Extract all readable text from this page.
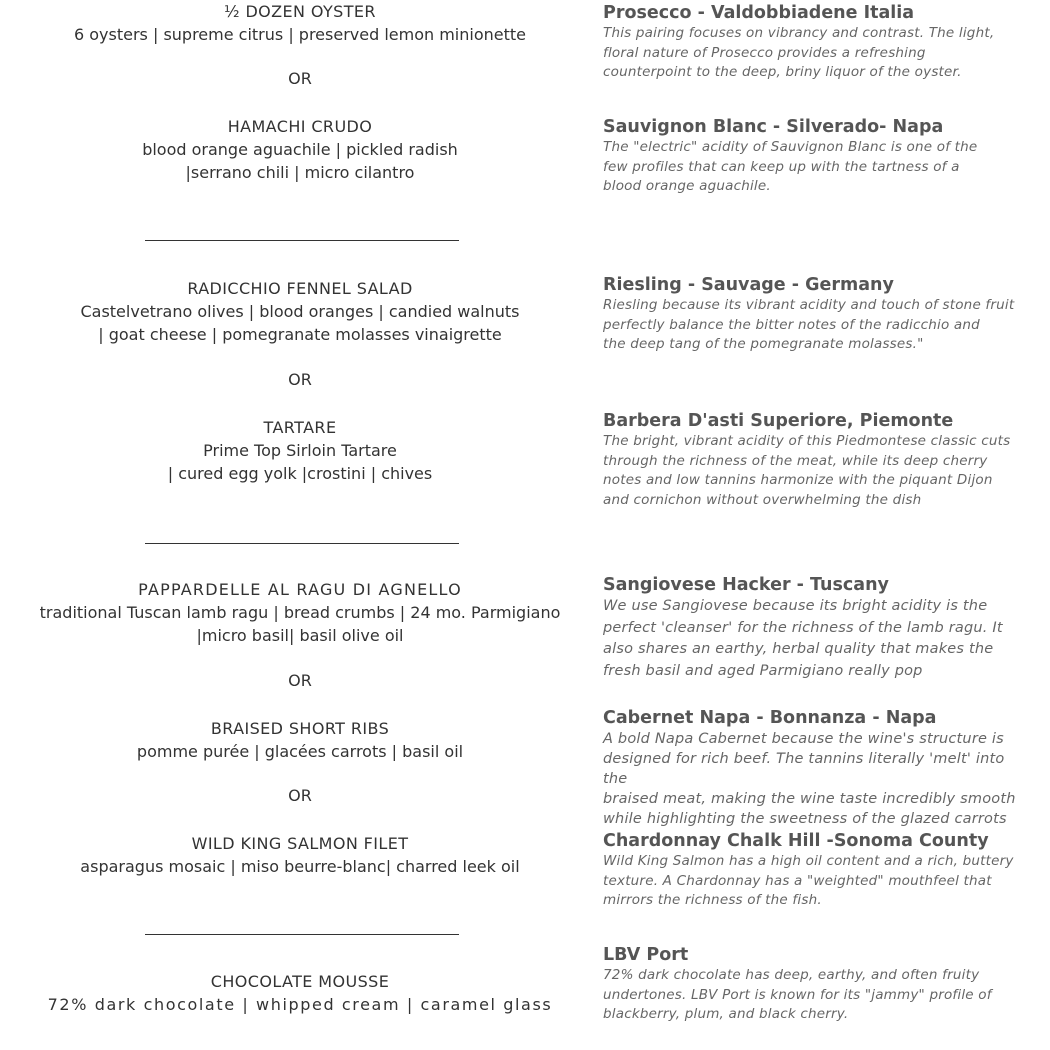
½ DOZEN OYSTER
6 oysters | supreme citrus | preserved lemon minionette
OR
HAMACHI CRUDO
blood orange aguachile | pickled radish
|serrano chili | micro cilantro
Prosecco - Valdobbiadene Italia
This pairing focuses on vibrancy and contrast. The light,
floral nature of Prosecco provides a refreshing
counterpoint to the deep, briny liquor of the oyster.
Sauvignon Blanc - Silverado- Napa
The "electric" acidity of Sauvignon Blanc is one of the
few profiles that can keep up with the tartness of a
blood orange aguachile.
RADICCHIO FENNEL SALAD
Castelvetrano olives | blood oranges | candied walnuts
| goat cheese | pomegranate molasses vinaigrette
OR
TARTARE
Prime Top Sirloin Tartare
| cured egg yolk |crostini | chives
Riesling - Sauvage - Germany
Riesling because its vibrant acidity and touch of stone fruit
perfectly balance the bitter notes of the radicchio and
the deep tang of the pomegranate molasses."
Barbera D'asti Superiore, Piemonte
The bright, vibrant acidity of this Piedmontese classic cuts
through the richness of the meat, while its deep cherry
notes and low tannins harmonize with the piquant Dijon
and cornichon without overwhelming the dish
PAPPARDELLE AL RAGU DI AGNELLO
traditional Tuscan lamb ragu | bread crumbs | 24 mo. Parmigiano
|micro basil| basil olive oil
OR
BRAISED SHORT RIBS
pomme purée | glacées carrots | basil oil
OR
WILD KING SALMON FILET
asparagus mosaic | miso beurre-blanc| charred leek oil
Sangiovese Hacker - Tuscany
We use Sangiovese because its bright acidity is the
perfect 'cleanser' for the richness of the lamb ragu. It
also shares an earthy, herbal quality that makes the
fresh basil and aged Parmigiano really pop
Cabernet Napa - Bonnanza - Napa
A bold Napa Cabernet because the wine's structure is
designed for rich beef. The tannins literally 'melt' into the
braised meat, making the wine taste incredibly smooth
while highlighting the sweetness of the glazed carrots
Chardonnay Chalk Hill -Sonoma County
Wild King Salmon has a high oil content and a rich, buttery
texture. A Chardonnay has a "weighted" mouthfeel that
mirrors the richness of the fish.
CHOCOLATE MOUSSE
72% dark chocolate | whipped cream | caramel glass
LBV Port
72% dark chocolate has deep, earthy, and often fruity
undertones. LBV Port is known for its "jammy" profile of
blackberry, plum, and black cherry.
